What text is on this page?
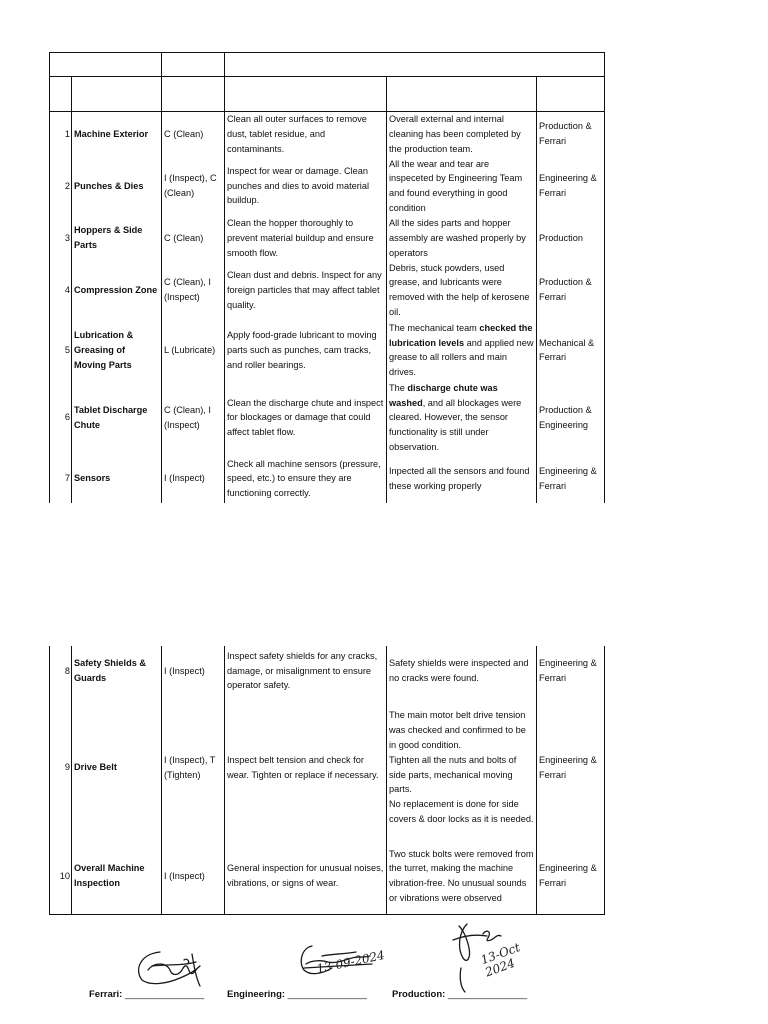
1	Machine Exterior	C (Clean)	Clean all outer surfaces to remove dust, tablet residue, and contaminants.	Overall external and internal cleaning has been completed by the production team.	Production & Ferrari
2	Punches & Dies	I (Inspect), C (Clean)	Inspect for wear or damage. Clean punches and dies to avoid material buildup.	All the wear and tear are inspeceted by Engineering Team and found everything in good condition	Engineering & Ferrari
3	Hoppers & Side Parts	C (Clean)	Clean the hopper thoroughly to prevent material buildup and ensure smooth flow.	All the sides parts and hopper assembly are washed properly by operators	Production
4	Compression Zone	C (Clean), I (Inspect)	Clean dust and debris. Inspect for any foreign particles that may affect tablet quality.	Debris, stuck powders, used grease, and lubricants were removed with the help of kerosene oil.	Production & Ferrari
5	Lubrication & Greasing of Moving Parts	L (Lubricate)	Apply food-grade lubricant to moving parts such as punches, cam tracks, and roller bearings.	The mechanical team checked the lubrication levels and applied new grease to all rollers and main drives.	Mechanical & Ferrari
6	Tablet Discharge Chute	C (Clean), I (Inspect)	Clean the discharge chute and inspect for blockages or damage that could affect tablet flow.	The discharge chute was washed, and all blockages were cleared. However, the sensor functionality is still under observation.	Production & Engineering
7	Sensors	I (Inspect)	Check all machine sensors (pressure, speed, etc.) to ensure they are functioning correctly.	Inpected all the sensors and found these working properly	Engineering & Ferrari
8	Safety Shields & Guards	I (Inspect)	Inspect safety shields for any cracks, damage, or misalignment to ensure operator safety.	Safety shields were inspected and no cracks were found.	Engineering & Ferrari
9	Drive Belt	I (Inspect), T (Tighten)	Inspect belt tension and check for wear. Tighten or replace if necessary.	The main motor belt drive tension was checked and confirmed to be in good condition.
Tighten all the nuts and bolts of side parts, mechanical moving parts.
No replacement is done for side covers & door locks as it is needed.	Engineering & Ferrari
10	Overall Machine Inspection	I (Inspect)	General inspection for unusual noises, vibrations, or signs of wear.	Two stuck bolts were removed from the turret, making the machine vibration-free. No unusual sounds or vibrations were observed	Engineering & Ferrari
Ferrari: _______________
13-09-2024
Engineering: _______________
13-Oct 2024
Production: _______________
